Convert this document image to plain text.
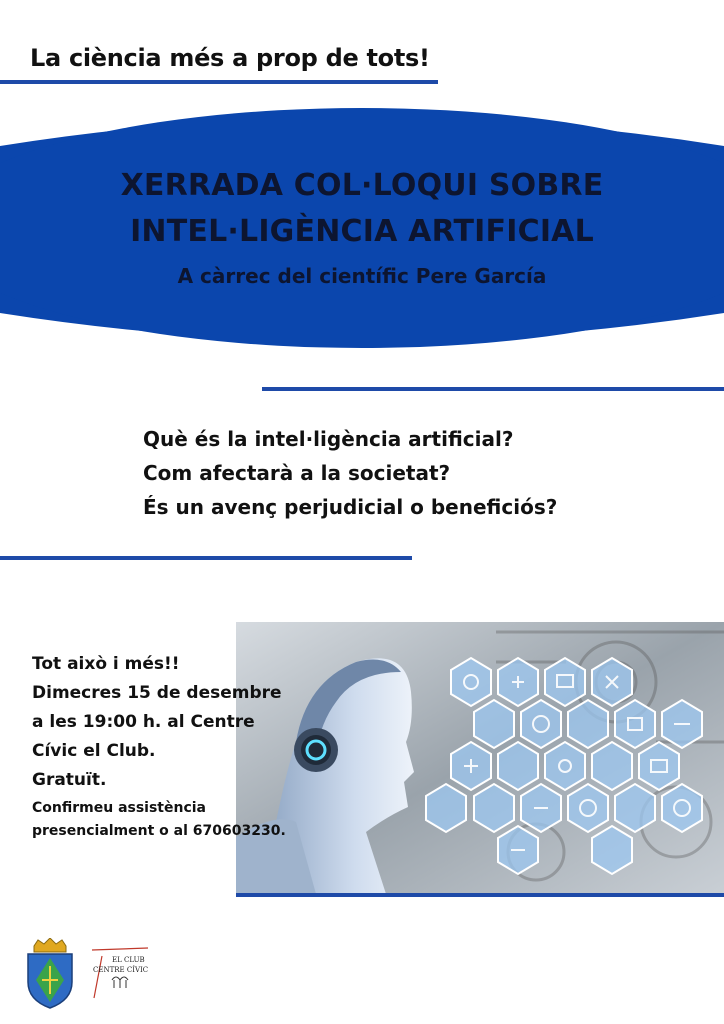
La ciència més a prop de tots!
XERRADA COL·LOQUI SOBRE
INTEL·LIGÈNCIA ARTIFICIAL
A càrrec del científic Pere García
Què és la intel·ligència artificial?
Com afectarà a la societat?
És un avenç perjudicial o beneficiós?
Tot això i més!!
Dimecres 15 de desembre
a les 19:00 h. al Centre
Cívic el Club.
Gratuït.
Confirmeu assistència
presencialment o al 670603230.
EL CLUB
CENTRE CÍVIC
